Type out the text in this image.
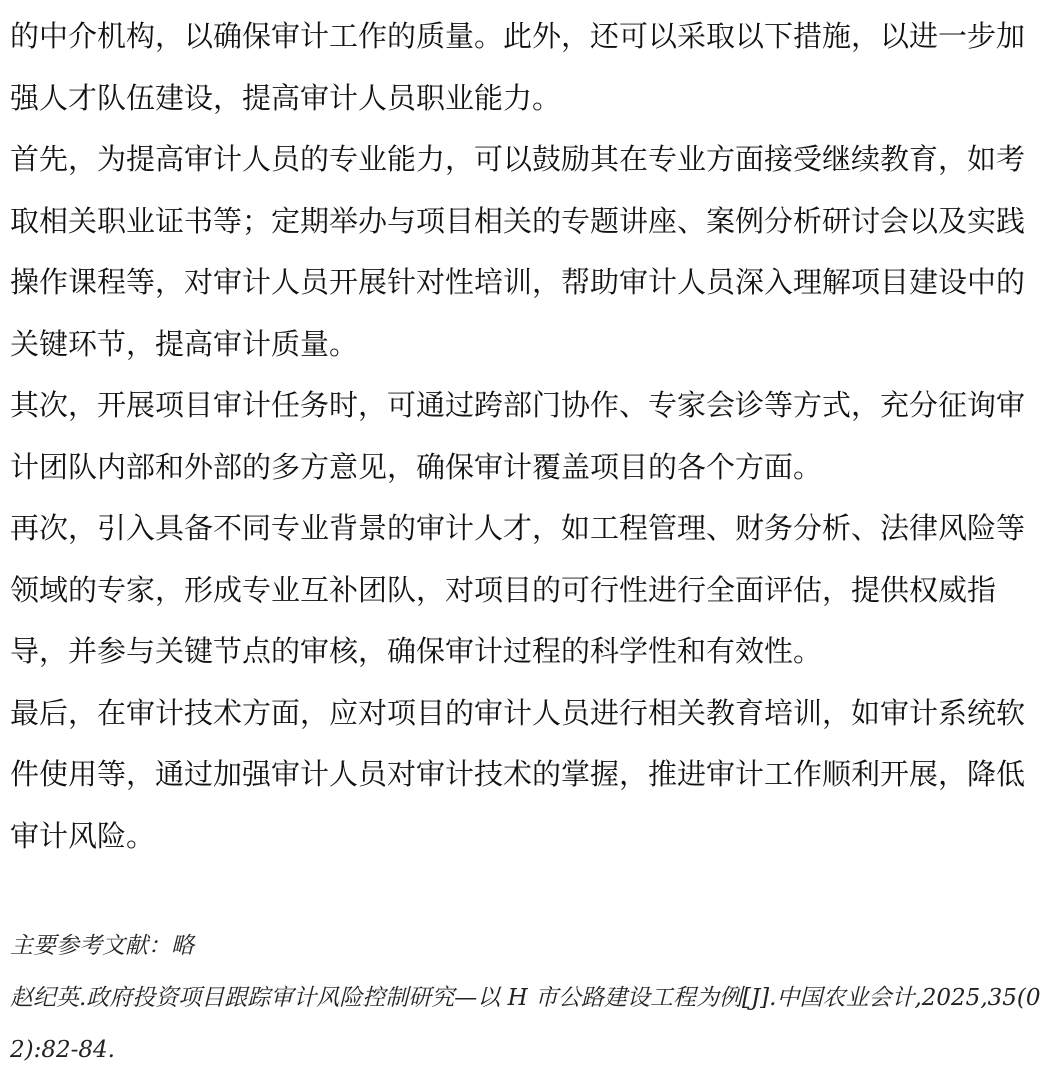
的中介机构，以确保审计工作的质量。此外，还可以采取以下措施，以进一步加强人才队伍建设，提高审计人员职业能力。

首先，为提高审计人员的专业能力，可以鼓励其在专业方面接受继续教育，如考取相关职业证书等；定期举办与项目相关的专题讲座、案例分析研讨会以及实践操作课程等，对审计人员开展针对性培训，帮助审计人员深入理解项目建设中的关键环节，提高审计质量。

其次，开展项目审计任务时，可通过跨部门协作、专家会诊等方式，充分征询审计团队内部和外部的多方意见，确保审计覆盖项目的各个方面。

再次，引入具备不同专业背景的审计人才，如工程管理、财务分析、法律风险等领域的专家，形成专业互补团队，对项目的可行性进行全面评估，提供权威指导，并参与关键节点的审核，确保审计过程的科学性和有效性。

最后，在审计技术方面，应对项目的审计人员进行相关教育培训，如审计系统软件使用等，通过加强审计人员对审计技术的掌握，推进审计工作顺利开展，降低审计风险。

主要参考文献：略

赵纪英.政府投资项目跟踪审计风险控制研究—以 H 市公路建设工程为例[J].中国农业会计,2025,35(02):82-84.
